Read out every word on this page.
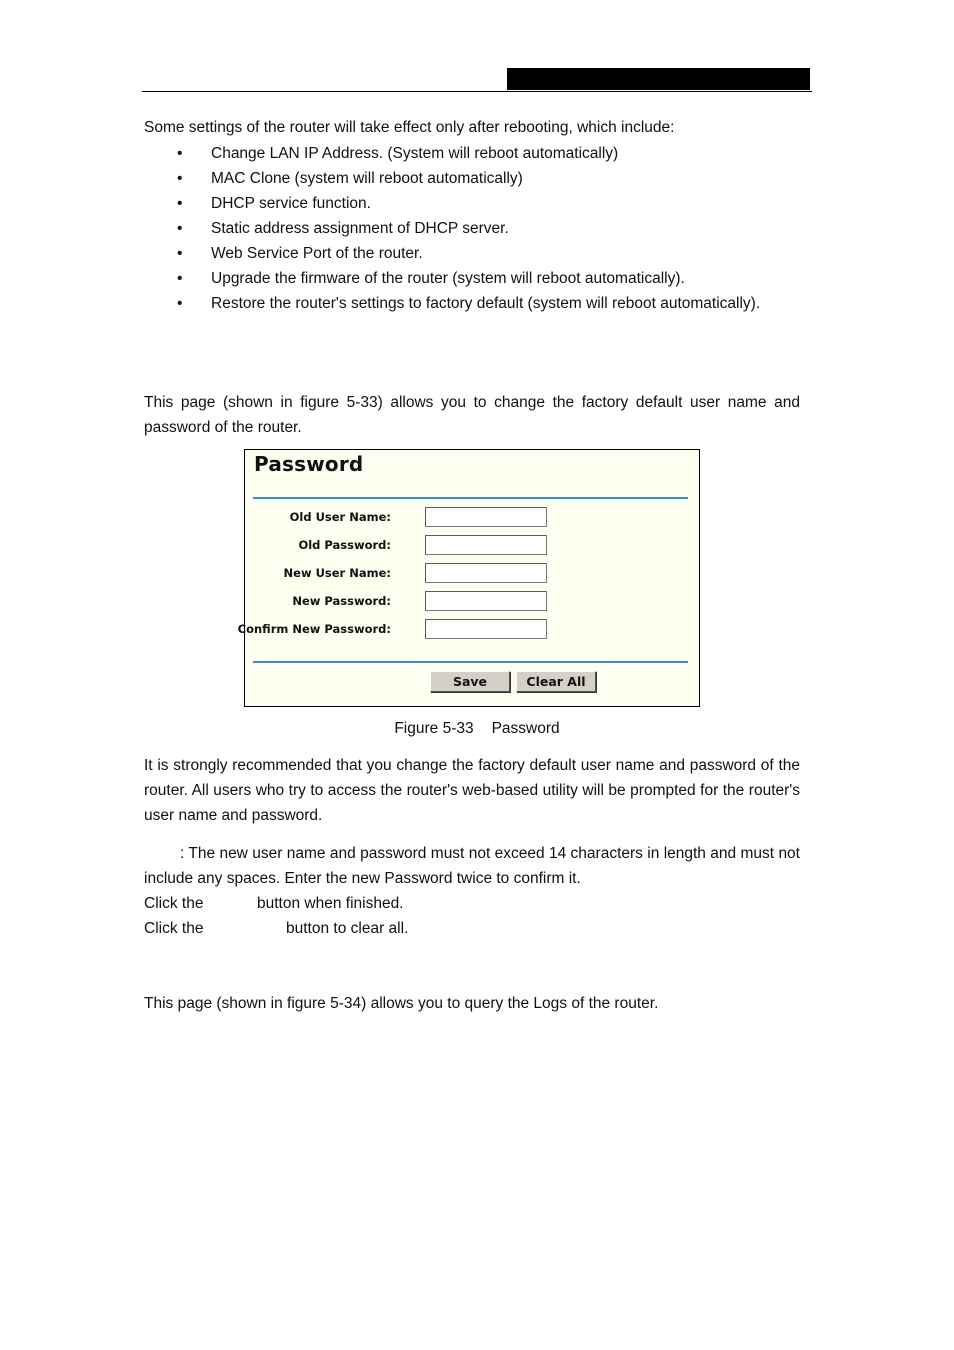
Some settings of the router will take effect only after rebooting, which include:

• Change LAN IP Address. (System will reboot automatically)
• MAC Clone (system will reboot automatically)
• DHCP service function.
• Static address assignment of DHCP server.
• Web Service Port of the router.
• Upgrade the firmware of the router (system will reboot automatically).
• Restore the router's settings to factory default (system will reboot automatically).

This page (shown in figure 5-33) allows you to change the factory default user name and password of the router.

Password
Old User Name:
Old Password:
New User Name:
New Password:
Confirm New Password:
Save	Clear All
Figure 5-33 Password

It is strongly recommended that you change the factory default user name and password of the router. All users who try to access the router's web-based utility will be prompted for the router's user name and password.

: The new user name and password must not exceed 14 characters in length and must not include any spaces. Enter the new Password twice to confirm it.

Click the	button when finished.

Click the	button to clear all.

This page (shown in figure 5-34) allows you to query the Logs of the router.
